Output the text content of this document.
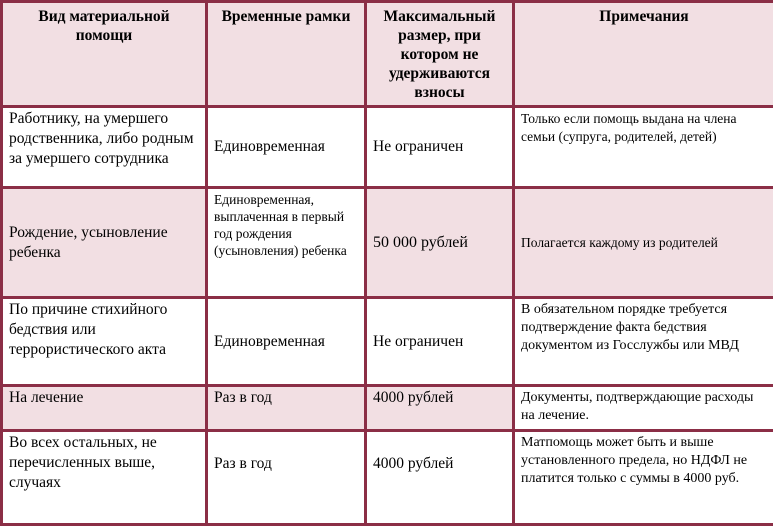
Вид материальной помощи	Временные рамки	Максимальный размер, при котором не удерживаются взносы	Примечания
Работнику, на умершего родственника, либо родным за умершего сотрудника	Единовременная	Не ограничен	Только если помощь выдана на члена семьи (супруга, родителей, детей)
Рождение, усыновление ребенка	Единовременная, выплаченная в первый год рождения (усыновления) ребенка	50 000 рублей	Полагается каждому из родителей
По причине стихийного бедствия или террористического акта	Единовременная	Не ограничен	В обязательном порядке требуется подтверждение факта бедствия документом из Госслужбы или МВД
На лечение	Раз в год	4000 рублей	Документы, подтверждающие расходы на лечение.
Во всех остальных, не перечисленных выше, случаях	Раз в год	4000 рублей	Матпомощь может быть и выше установленного предела, но НДФЛ не платится только с суммы в 4000 руб.
